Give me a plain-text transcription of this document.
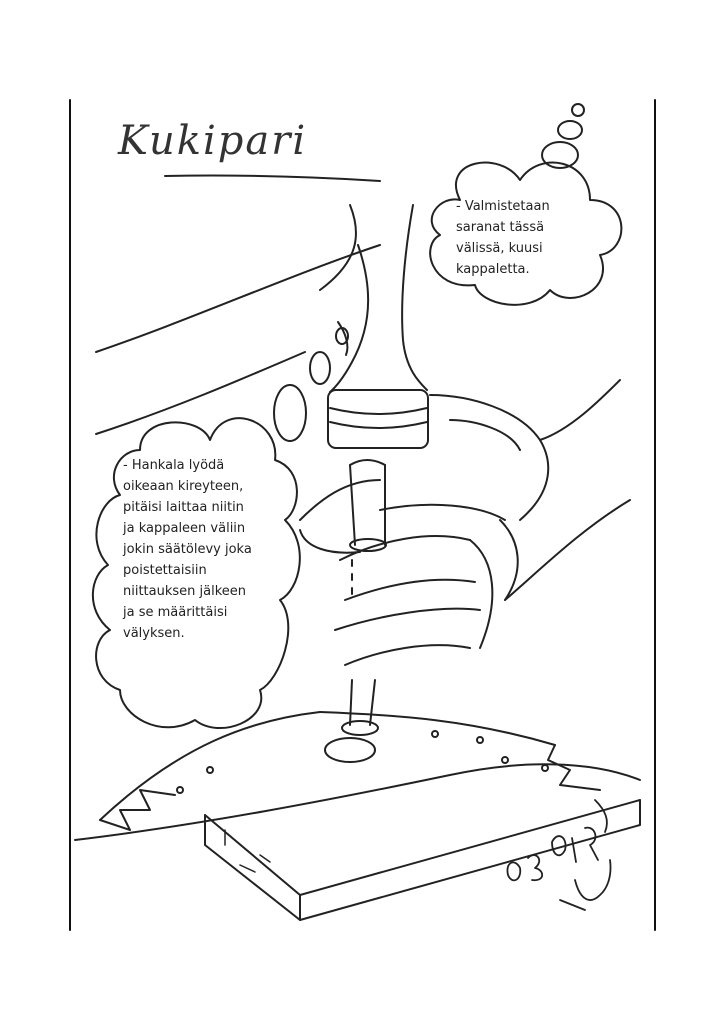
Kukipari

- Valmistetaan
saranat tässä
välissä, kuusi
kappaletta.

- Hankala lyödä
oikeaan kireyteen,
pitäisi laittaa niitin
ja kappaleen väliin
jokin säätölevy joka
poistettaisiin
niittauksen jälkeen
ja se määrittäisi
välyksen.
